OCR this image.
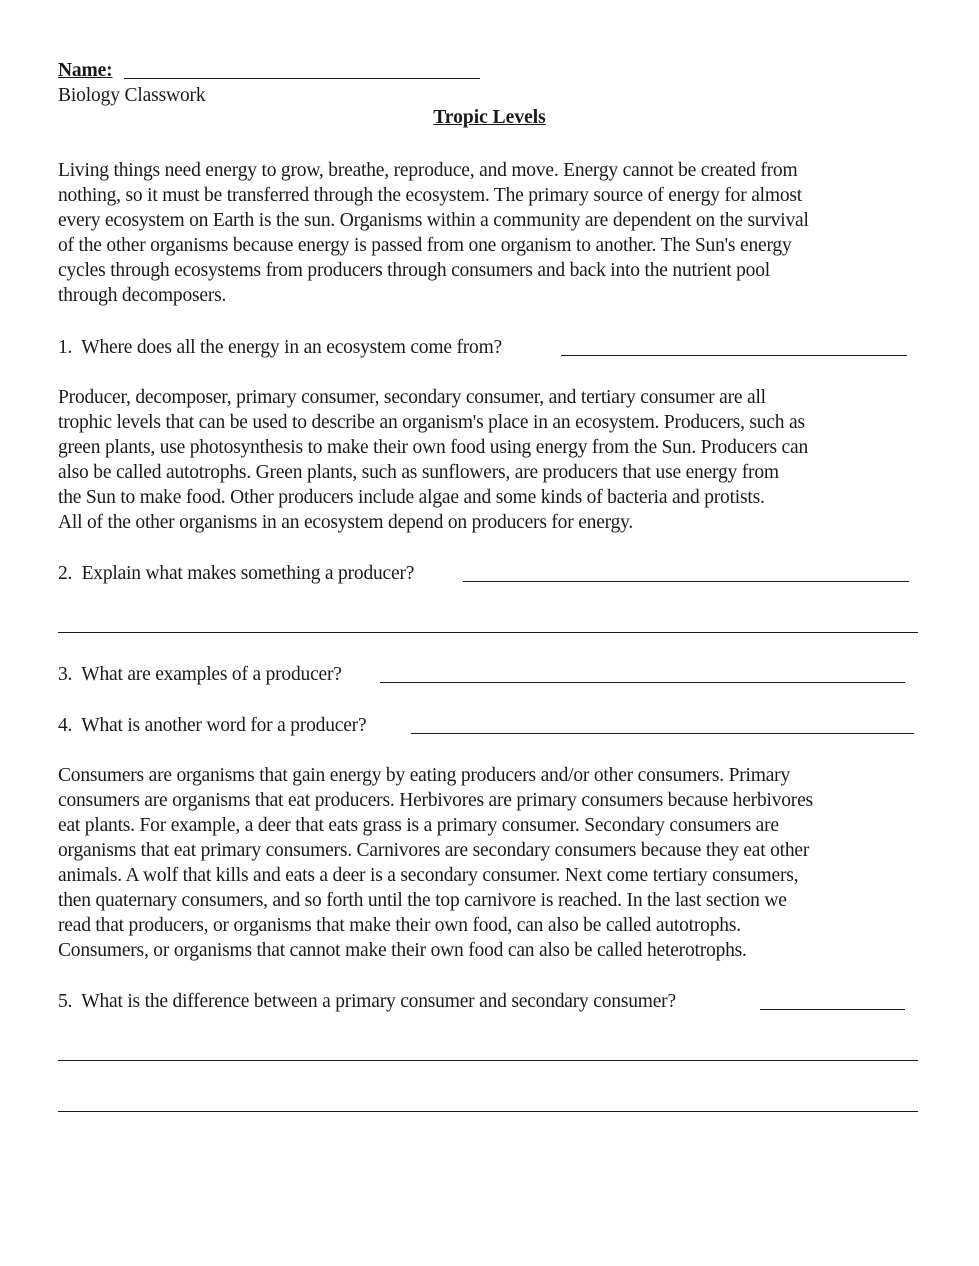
Name:
Biology Classwork
Tropic Levels
Living things need energy to grow, breathe, reproduce, and move. Energy cannot be created from
nothing, so it must be transferred through the ecosystem. The primary source of energy for almost
every ecosystem on Earth is the sun. Organisms within a community are dependent on the survival
of the other organisms because energy is passed from one organism to another. The Sun's energy
cycles through ecosystems from producers through consumers and back into the nutrient pool
through decomposers.
1. Where does all the energy in an ecosystem come from?
Producer, decomposer, primary consumer, secondary consumer, and tertiary consumer are all
trophic levels that can be used to describe an organism's place in an ecosystem. Producers, such as
green plants, use photosynthesis to make their own food using energy from the Sun. Producers can
also be called autotrophs. Green plants, such as sunflowers, are producers that use energy from
the Sun to make food. Other producers include algae and some kinds of bacteria and protists.
All of the other organisms in an ecosystem depend on producers for energy.
2. Explain what makes something a producer?
3. What are examples of a producer?
4. What is another word for a producer?
Consumers are organisms that gain energy by eating producers and/or other consumers. Primary
consumers are organisms that eat producers. Herbivores are primary consumers because herbivores
eat plants. For example, a deer that eats grass is a primary consumer. Secondary consumers are
organisms that eat primary consumers. Carnivores are secondary consumers because they eat other
animals. A wolf that kills and eats a deer is a secondary consumer. Next come tertiary consumers,
then quaternary consumers, and so forth until the top carnivore is reached. In the last section we
read that producers, or organisms that make their own food, can also be called autotrophs.
Consumers, or organisms that cannot make their own food can also be called heterotrophs.
5. What is the difference between a primary consumer and secondary consumer?
